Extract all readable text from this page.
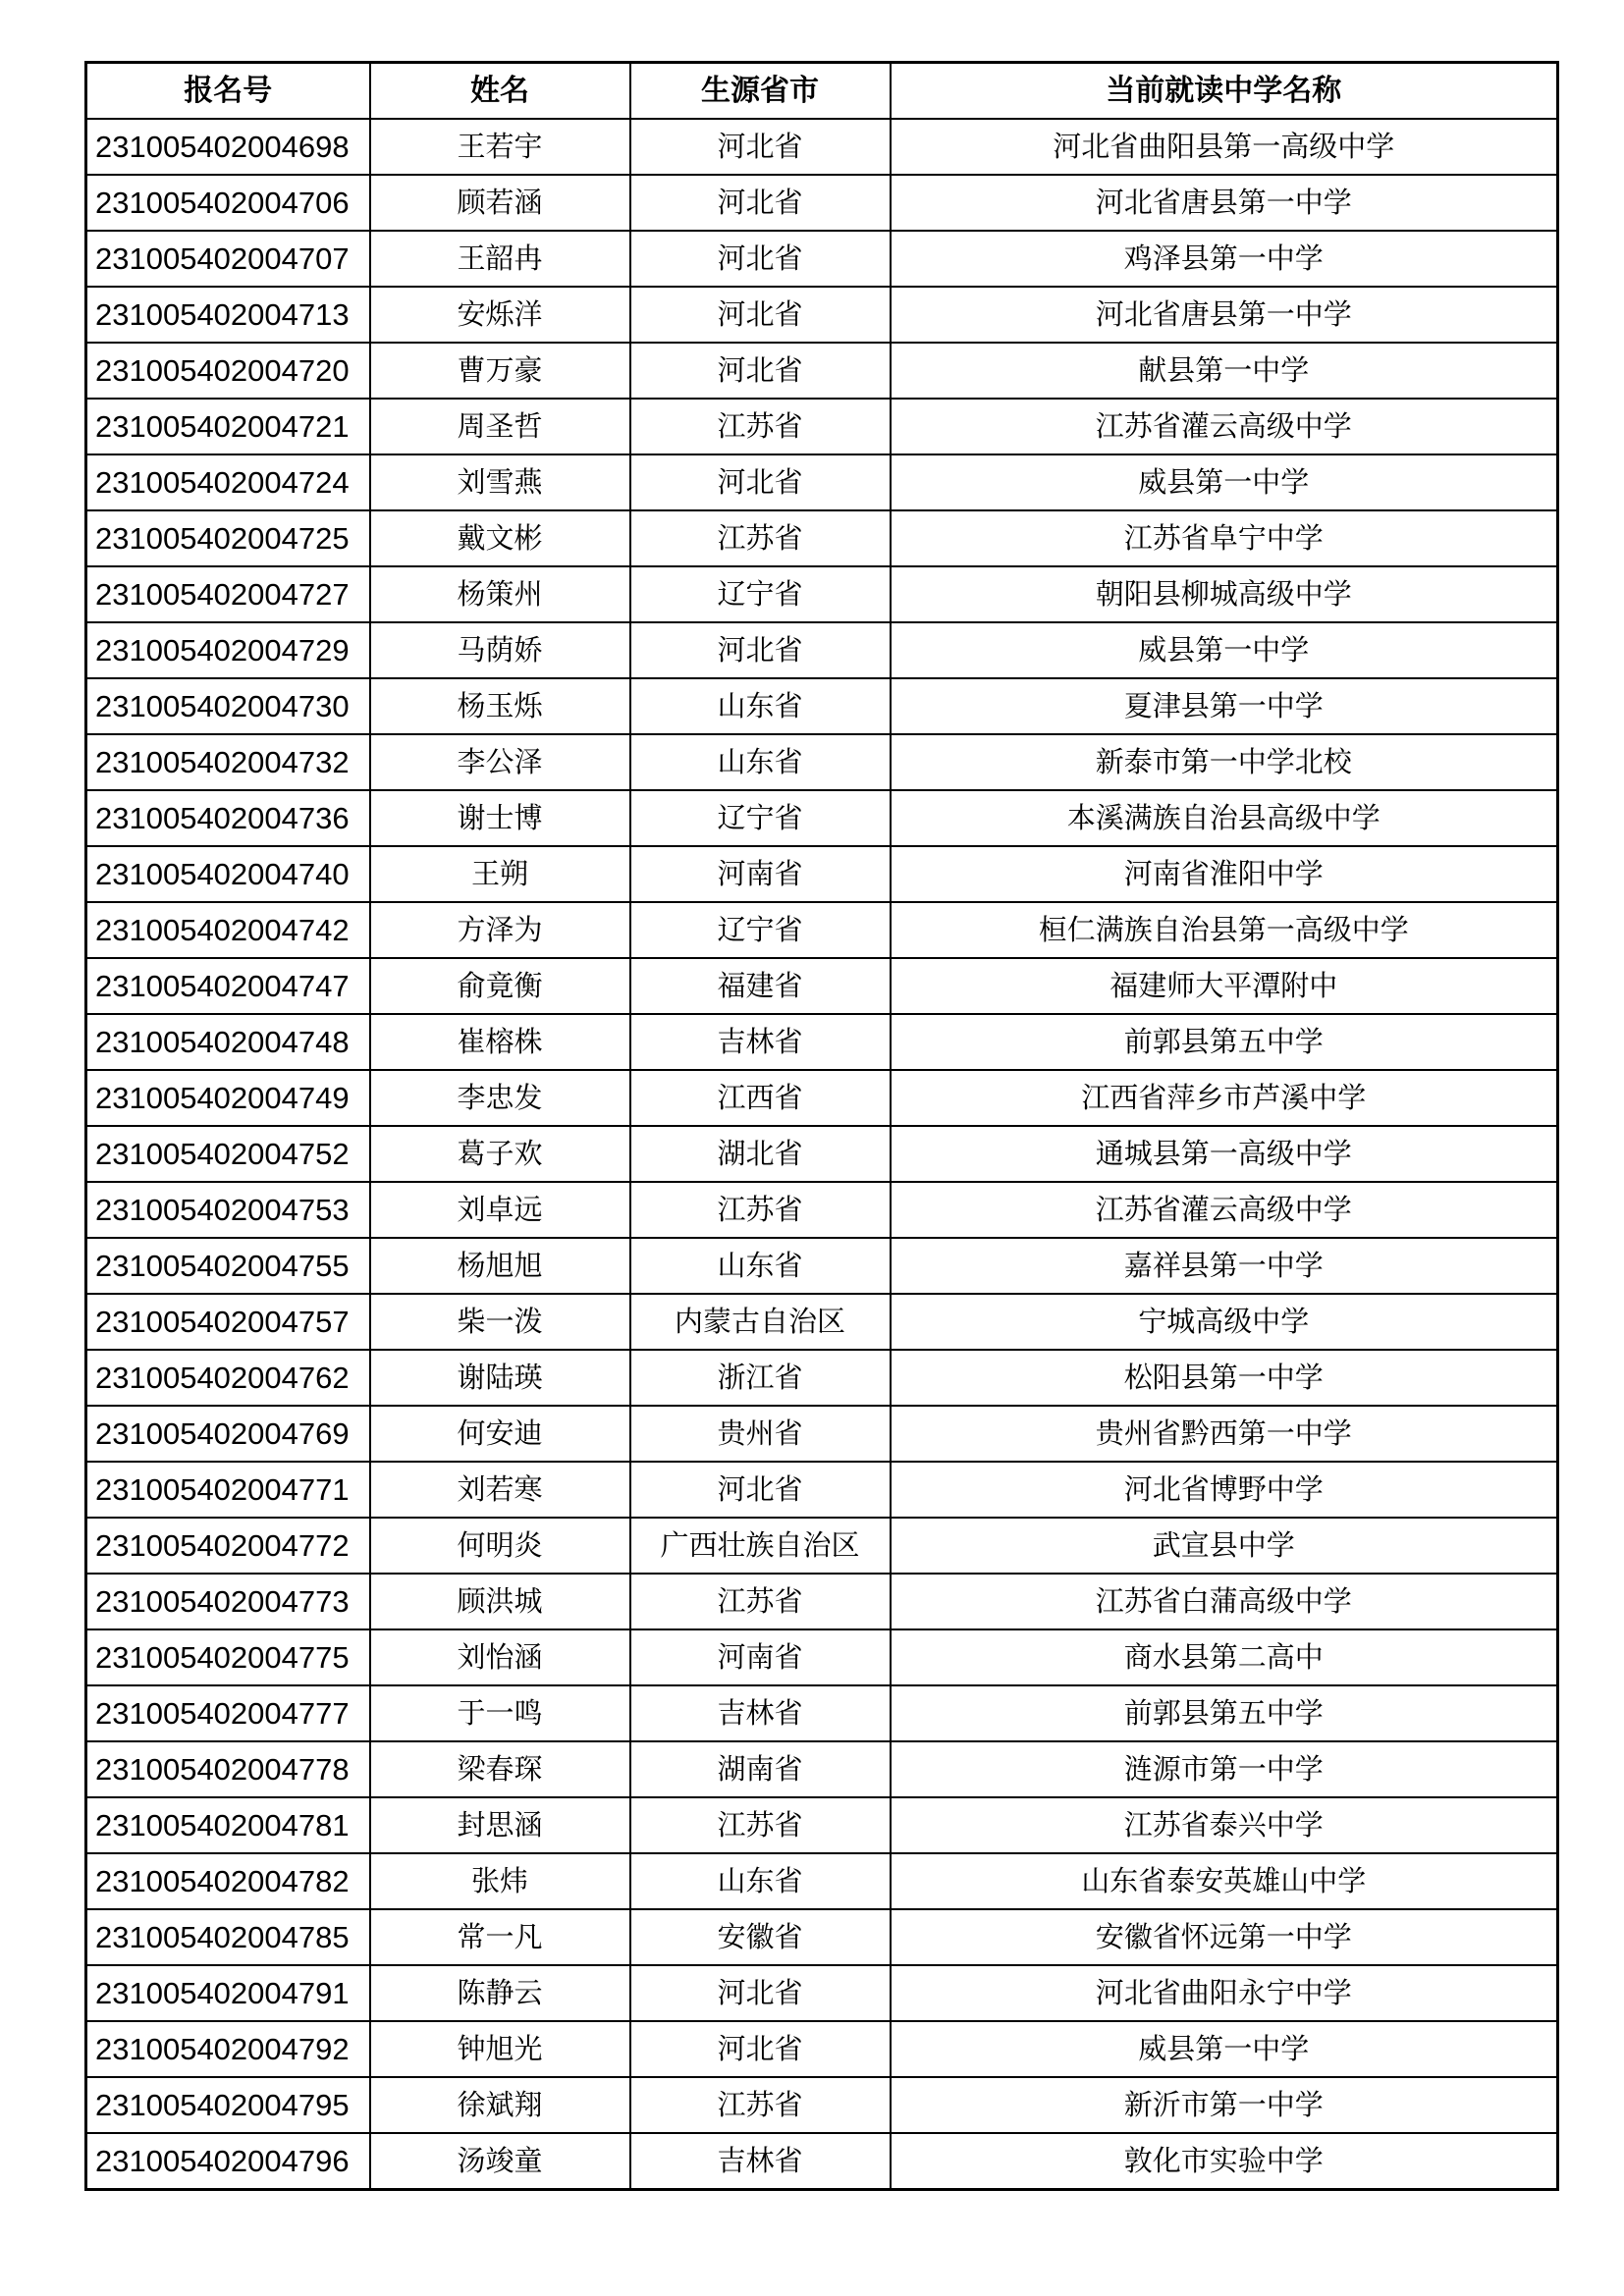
报名号	姓名	生源省市	当前就读中学名称
231005402004698	王若宇	河北省	河北省曲阳县第一高级中学
231005402004706	顾若涵	河北省	河北省唐县第一中学
231005402004707	王韶冉	河北省	鸡泽县第一中学
231005402004713	安烁洋	河北省	河北省唐县第一中学
231005402004720	曹万豪	河北省	献县第一中学
231005402004721	周圣哲	江苏省	江苏省灌云高级中学
231005402004724	刘雪燕	河北省	威县第一中学
231005402004725	戴文彬	江苏省	江苏省阜宁中学
231005402004727	杨策州	辽宁省	朝阳县柳城高级中学
231005402004729	马荫娇	河北省	威县第一中学
231005402004730	杨玉烁	山东省	夏津县第一中学
231005402004732	李公泽	山东省	新泰市第一中学北校
231005402004736	谢士博	辽宁省	本溪满族自治县高级中学
231005402004740	王朔	河南省	河南省淮阳中学
231005402004742	方泽为	辽宁省	桓仁满族自治县第一高级中学
231005402004747	俞竟衡	福建省	福建师大平潭附中
231005402004748	崔榕株	吉林省	前郭县第五中学
231005402004749	李忠发	江西省	江西省萍乡市芦溪中学
231005402004752	葛子欢	湖北省	通城县第一高级中学
231005402004753	刘卓远	江苏省	江苏省灌云高级中学
231005402004755	杨旭旭	山东省	嘉祥县第一中学
231005402004757	柴一泼	内蒙古自治区	宁城高级中学
231005402004762	谢陆瑛	浙江省	松阳县第一中学
231005402004769	何安迪	贵州省	贵州省黔西第一中学
231005402004771	刘若寒	河北省	河北省博野中学
231005402004772	何明炎	广西壮族自治区	武宣县中学
231005402004773	顾洪城	江苏省	江苏省白蒲高级中学
231005402004775	刘怡涵	河南省	商水县第二高中
231005402004777	于一鸣	吉林省	前郭县第五中学
231005402004778	梁春琛	湖南省	涟源市第一中学
231005402004781	封思涵	江苏省	江苏省泰兴中学
231005402004782	张炜	山东省	山东省泰安英雄山中学
231005402004785	常一凡	安徽省	安徽省怀远第一中学
231005402004791	陈静云	河北省	河北省曲阳永宁中学
231005402004792	钟旭光	河北省	威县第一中学
231005402004795	徐斌翔	江苏省	新沂市第一中学
231005402004796	汤竣童	吉林省	敦化市实验中学
